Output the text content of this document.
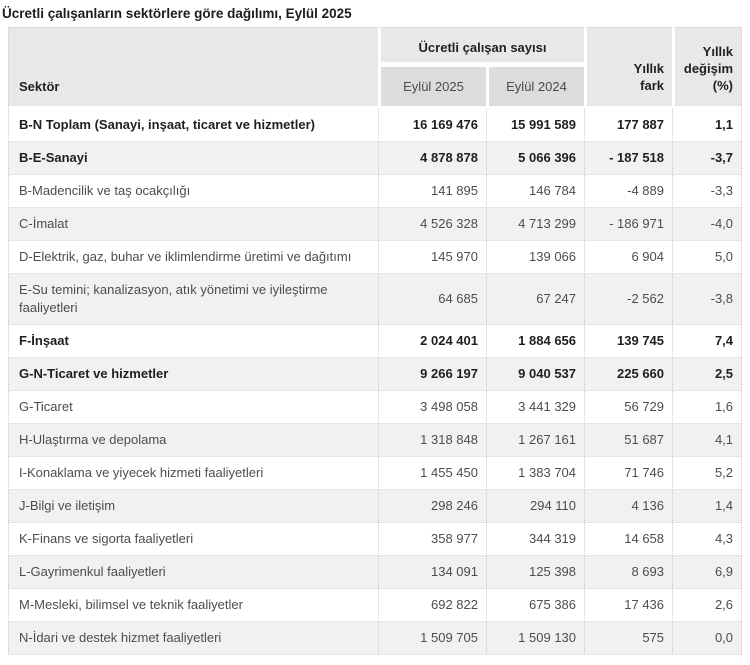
Ücretli çalışanların sektörlere göre dağılımı, Eylül 2025
Sektör	Ücretli çalışan sayısı		Yıllık fark	Yıllık değişim (%)
	Eylül 2025	Eylül 2024		
B-N Toplam (Sanayi, inşaat, ticaret ve hizmetler)	16 169 476	15 991 589	177 887	1,1
B-E-Sanayi	4 878 878	5 066 396	- 187 518	-3,7
B-Madencilik ve taş ocakçılığı	141 895	146 784	-4 889	-3,3
C-İmalat	4 526 328	4 713 299	- 186 971	-4,0
D-Elektrik, gaz, buhar ve iklimlendirme üretimi ve dağıtımı	145 970	139 066	6 904	5,0
E-Su temini; kanalizasyon, atık yönetimi ve iyileştirme faaliyetleri	64 685	67 247	-2 562	-3,8
F-İnşaat	2 024 401	1 884 656	139 745	7,4
G-N-Ticaret ve hizmetler	9 266 197	9 040 537	225 660	2,5
G-Ticaret	3 498 058	3 441 329	56 729	1,6
H-Ulaştırma ve depolama	1 318 848	1 267 161	51 687	4,1
I-Konaklama ve yiyecek hizmeti faaliyetleri	1 455 450	1 383 704	71 746	5,2
J-Bilgi ve iletişim	298 246	294 110	4 136	1,4
K-Finans ve sigorta faaliyetleri	358 977	344 319	14 658	4,3
L-Gayrimenkul faaliyetleri	134 091	125 398	8 693	6,9
M-Mesleki, bilimsel ve teknik faaliyetler	692 822	675 386	17 436	2,6
N-İdari ve destek hizmet faaliyetleri	1 509 705	1 509 130	575	0,0
